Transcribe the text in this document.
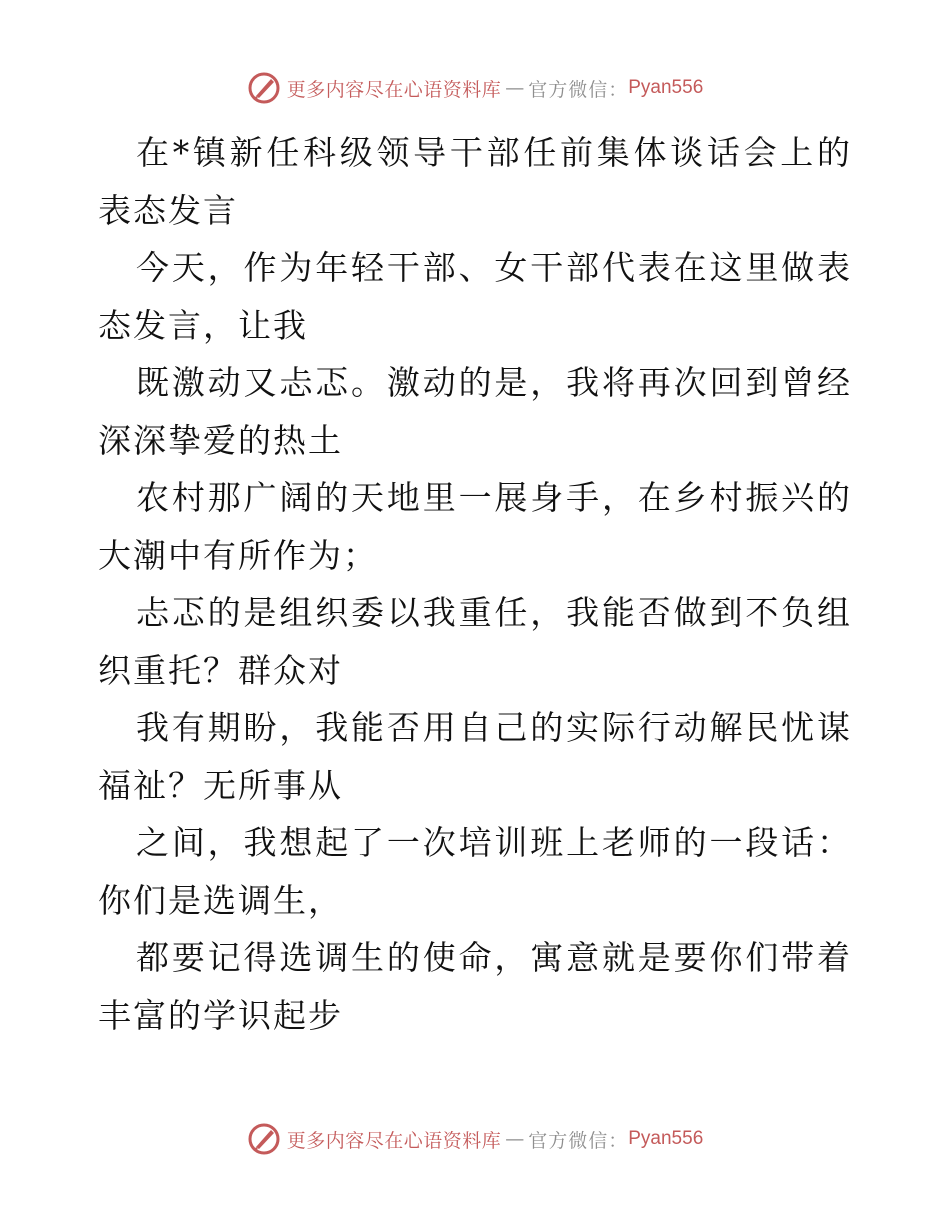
更多内容尽在心语资料库 — 官方微信： Pyan556

在*镇新任科级领导干部任前集体谈话会上的表态发言

今天，作为年轻干部、女干部代表在这里做表态发言，让我

既激动又忐忑。激动的是，我将再次回到曾经深深挚爱的热土

农村那广阔的天地里一展身手，在乡村振兴的大潮中有所作为；

忐忑的是组织委以我重任，我能否做到不负组织重托？群众对

我有期盼，我能否用自己的实际行动解民忧谋福祉？无所事从

之间，我想起了一次培训班上老师的一段话：你们是选调生，

都要记得选调生的使命，寓意就是要你们带着丰富的学识起步

更多内容尽在心语资料库 — 官方微信： Pyan556
